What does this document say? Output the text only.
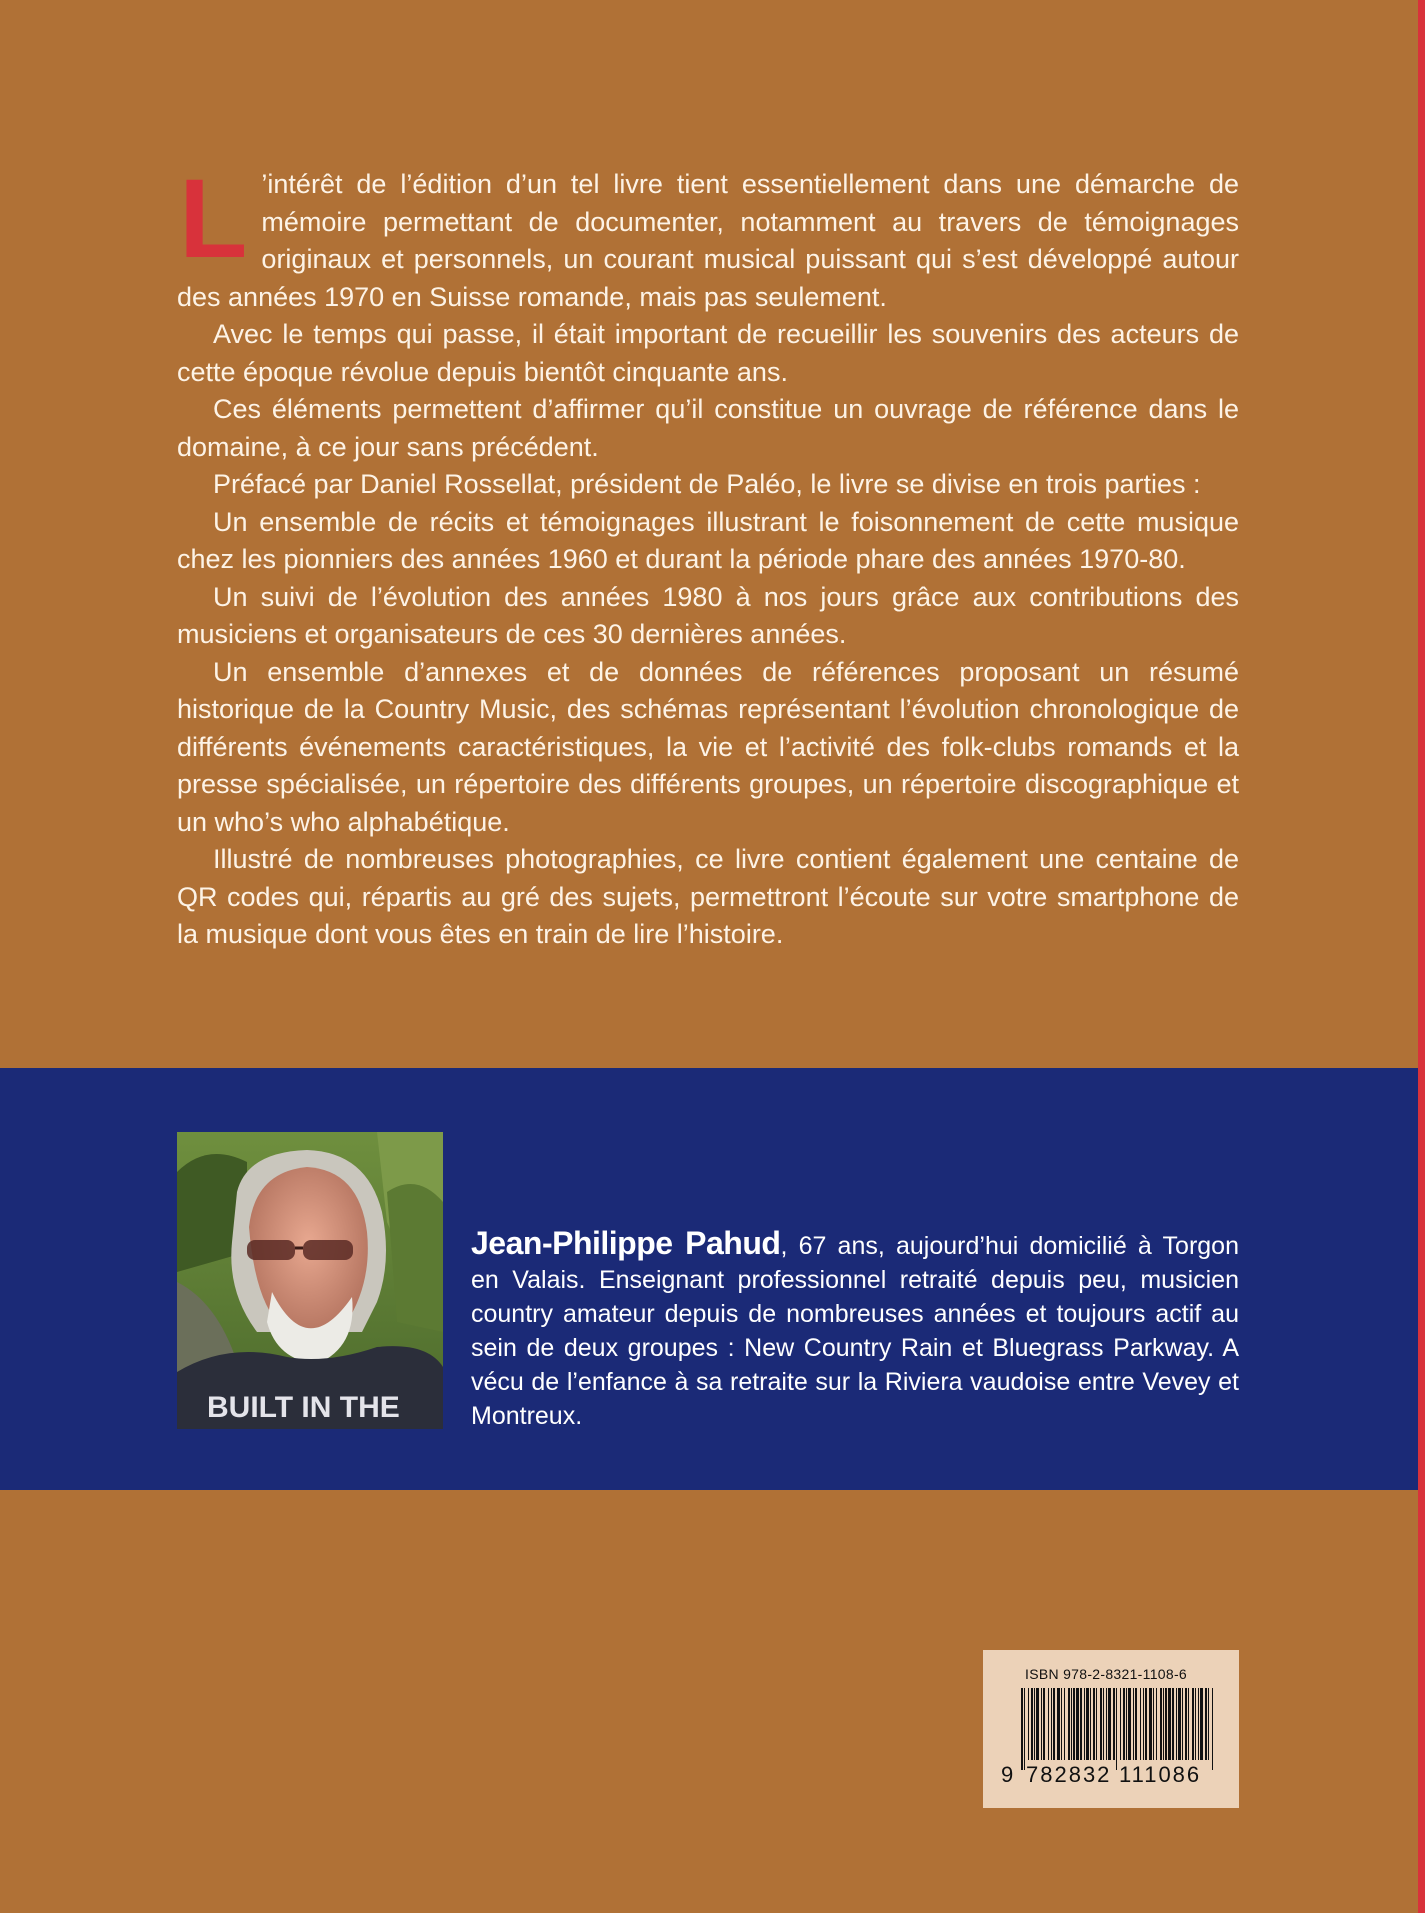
L ’intérêt de l’édition d’un tel livre tient essentiellement dans une démarche de mémoire permettant de documenter, notamment au travers de témoignages originaux et personnels, un courant musical puissant qui s’est développé autour des années 1970 en Suisse romande, mais pas seulement.

Avec le temps qui passe, il était important de recueillir les souvenirs des acteurs de cette époque révolue depuis bientôt cinquante ans.

Ces éléments permettent d’affirmer qu’il constitue un ouvrage de référence dans le domaine, à ce jour sans précédent.

Préfacé par Daniel Rossellat, président de Paléo, le livre se divise en trois parties :

Un ensemble de récits et témoignages illustrant le foisonnement de cette musique chez les pionniers des années 1960 et durant la période phare des années 1970-80.

Un suivi de l’évolution des années 1980 à nos jours grâce aux contributions des musiciens et organisateurs de ces 30 dernières années.

Un ensemble d’annexes et de données de références proposant un résumé historique de la Country Music, des schémas représentant l’évolution chronologique de différents événements caractéristiques, la vie et l’activité des folk-clubs romands et la presse spécialisée, un répertoire des différents groupes, un répertoire discographique et un who’s who alphabétique.

Illustré de nombreuses photographies, ce livre contient également une centaine de QR codes qui, répartis au gré des sujets, permettront l’écoute sur votre smartphone de la musique dont vous êtes en train de lire l’histoire.

BUILT IN THE
Jean-Philippe Pahud, 67 ans, aujourd’hui domicilié à Torgon en Valais. Enseignant professionnel retraité depuis peu, musicien country amateur depuis de nombreuses années et toujours actif au sein de deux groupes : New Country Rain et Bluegrass Parkway. A vécu de l’enfance à sa retraite sur la Riviera vaudoise entre Vevey et Montreux.
ISBN 978-2-8321-1108-6
9 782832 111086
